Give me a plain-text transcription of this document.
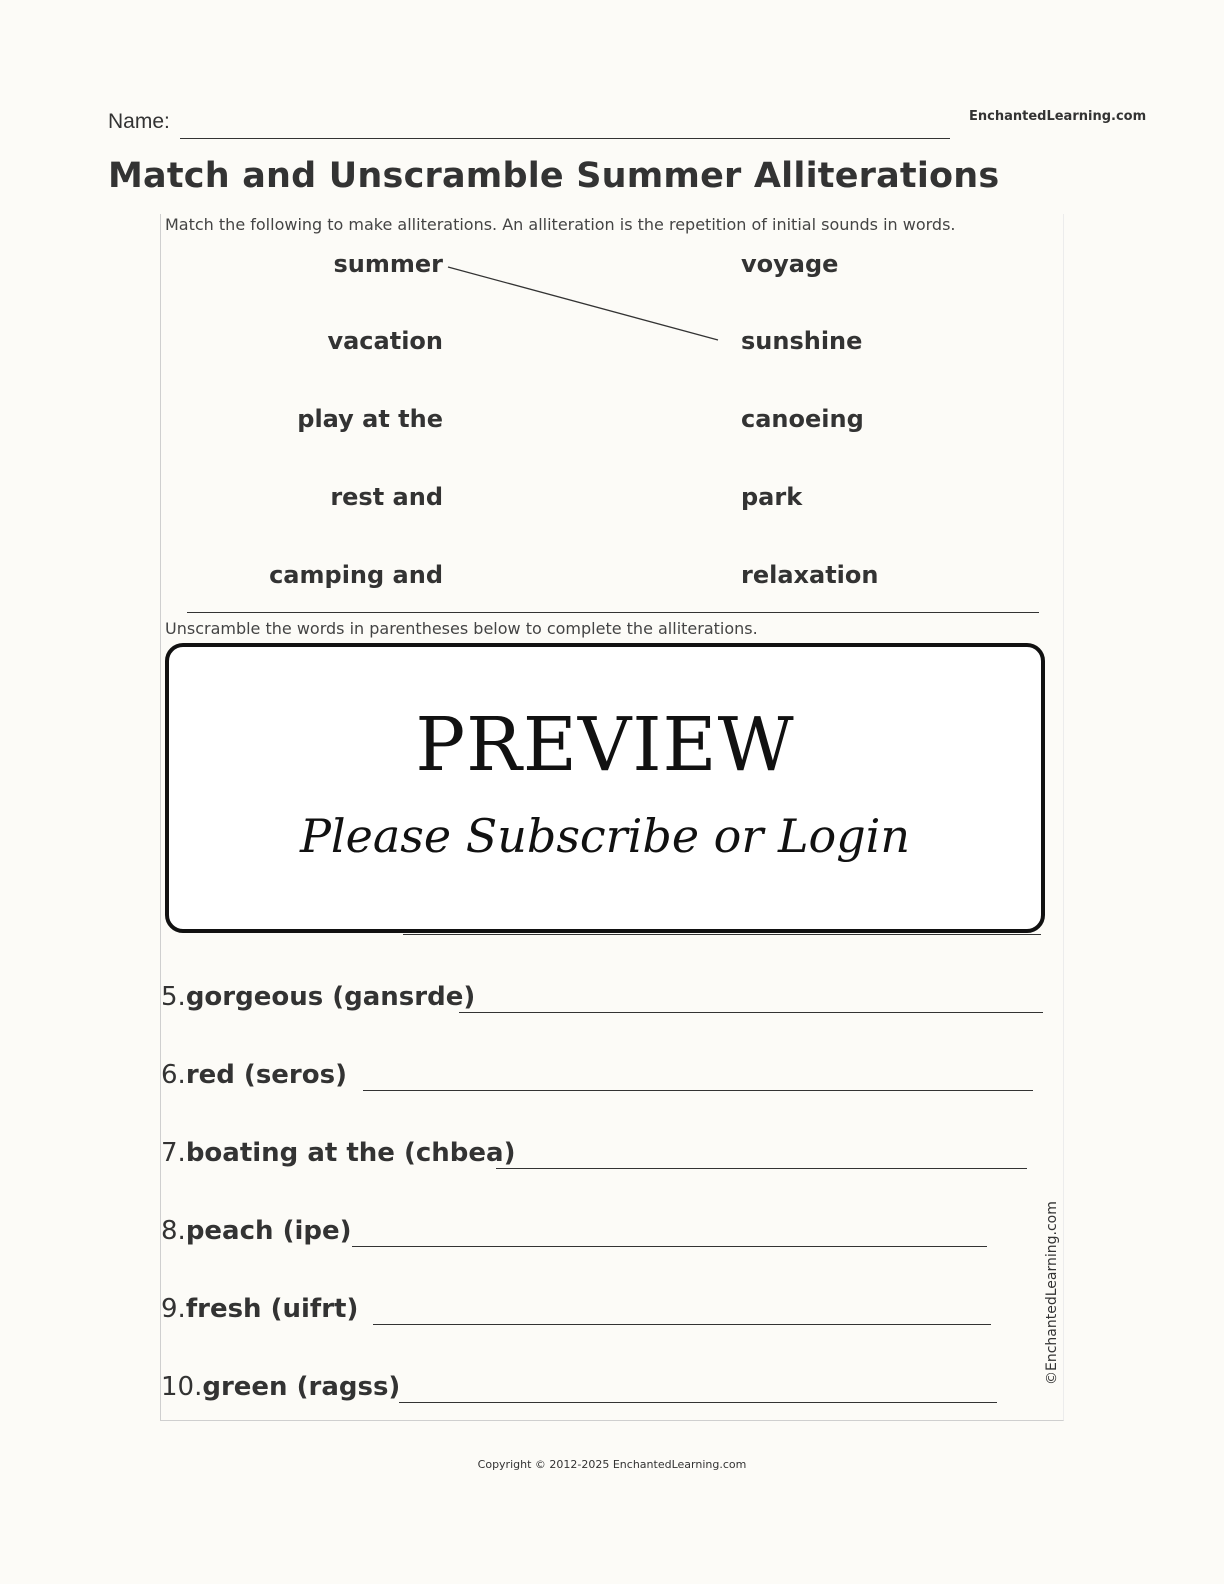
Name:	EnchantedLearning.com
Match and Unscramble Summer Alliterations
Match the following to make alliterations. An alliteration is the repetition of initial sounds in words.
summer
vacation
play at the
rest and
camping and
voyage
sunshine
canoeing
park
relaxation
Unscramble the words in parentheses below to complete the alliterations.
5.gorgeous (gansrde)
6.red (seros)
7.boating at the (chbea)
8.peach (ipe)
9.fresh (uifrt)
10.green (ragss)
©EnchantedLearning.com
PREVIEW
Please Subscribe or Login
Copyright © 2012-2025 EnchantedLearning.com
